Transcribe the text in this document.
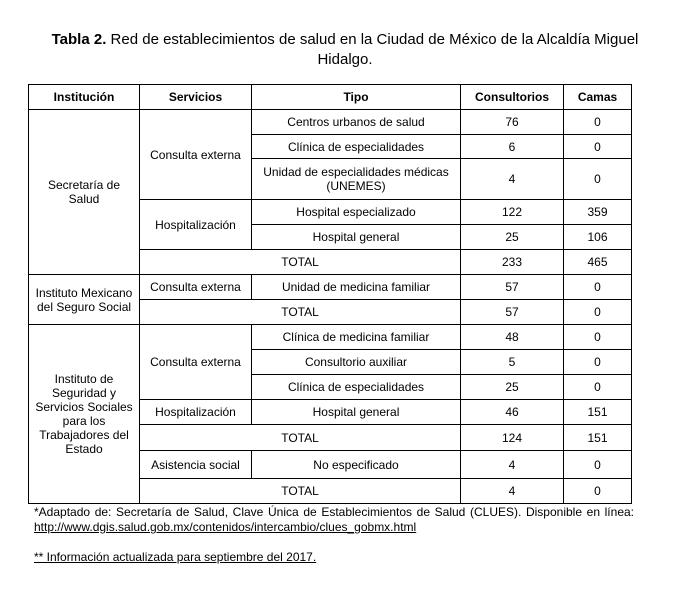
Tabla 2. Red de establecimientos de salud en la Ciudad de México de la Alcaldía Miguel Hidalgo.
Institución	Servicios	Tipo	Consultorios	Camas
Secretaría de Salud	Consulta externa	Centros urbanos de salud	76	0
		Clínica de especialidades	6	0
		Unidad de especialidades médicas (UNEMES)	4	0
	Hospitalización	Hospital especializado	122	359
		Hospital general	25	106
	TOTAL		233	465
Instituto Mexicano del Seguro Social	Consulta externa	Unidad de medicina familiar	57	0
	TOTAL		57	0
Instituto de Seguridad y Servicios Sociales para los Trabajadores del Estado	Consulta externa	Clínica de medicina familiar	48	0
		Consultorio auxiliar	5	0
		Clínica de especialidades	25	0
	Hospitalización	Hospital general	46	151
	TOTAL		124	151
	Asistencia social	No especificado	4	0
	TOTAL		4	0
*Adaptado de: Secretaría de Salud, Clave Única de Establecimientos de Salud (CLUES). Disponible en línea: http://www.dgis.salud.gob.mx/contenidos/intercambio/clues_gobmx.html
** Información actualizada para septiembre del 2017.
